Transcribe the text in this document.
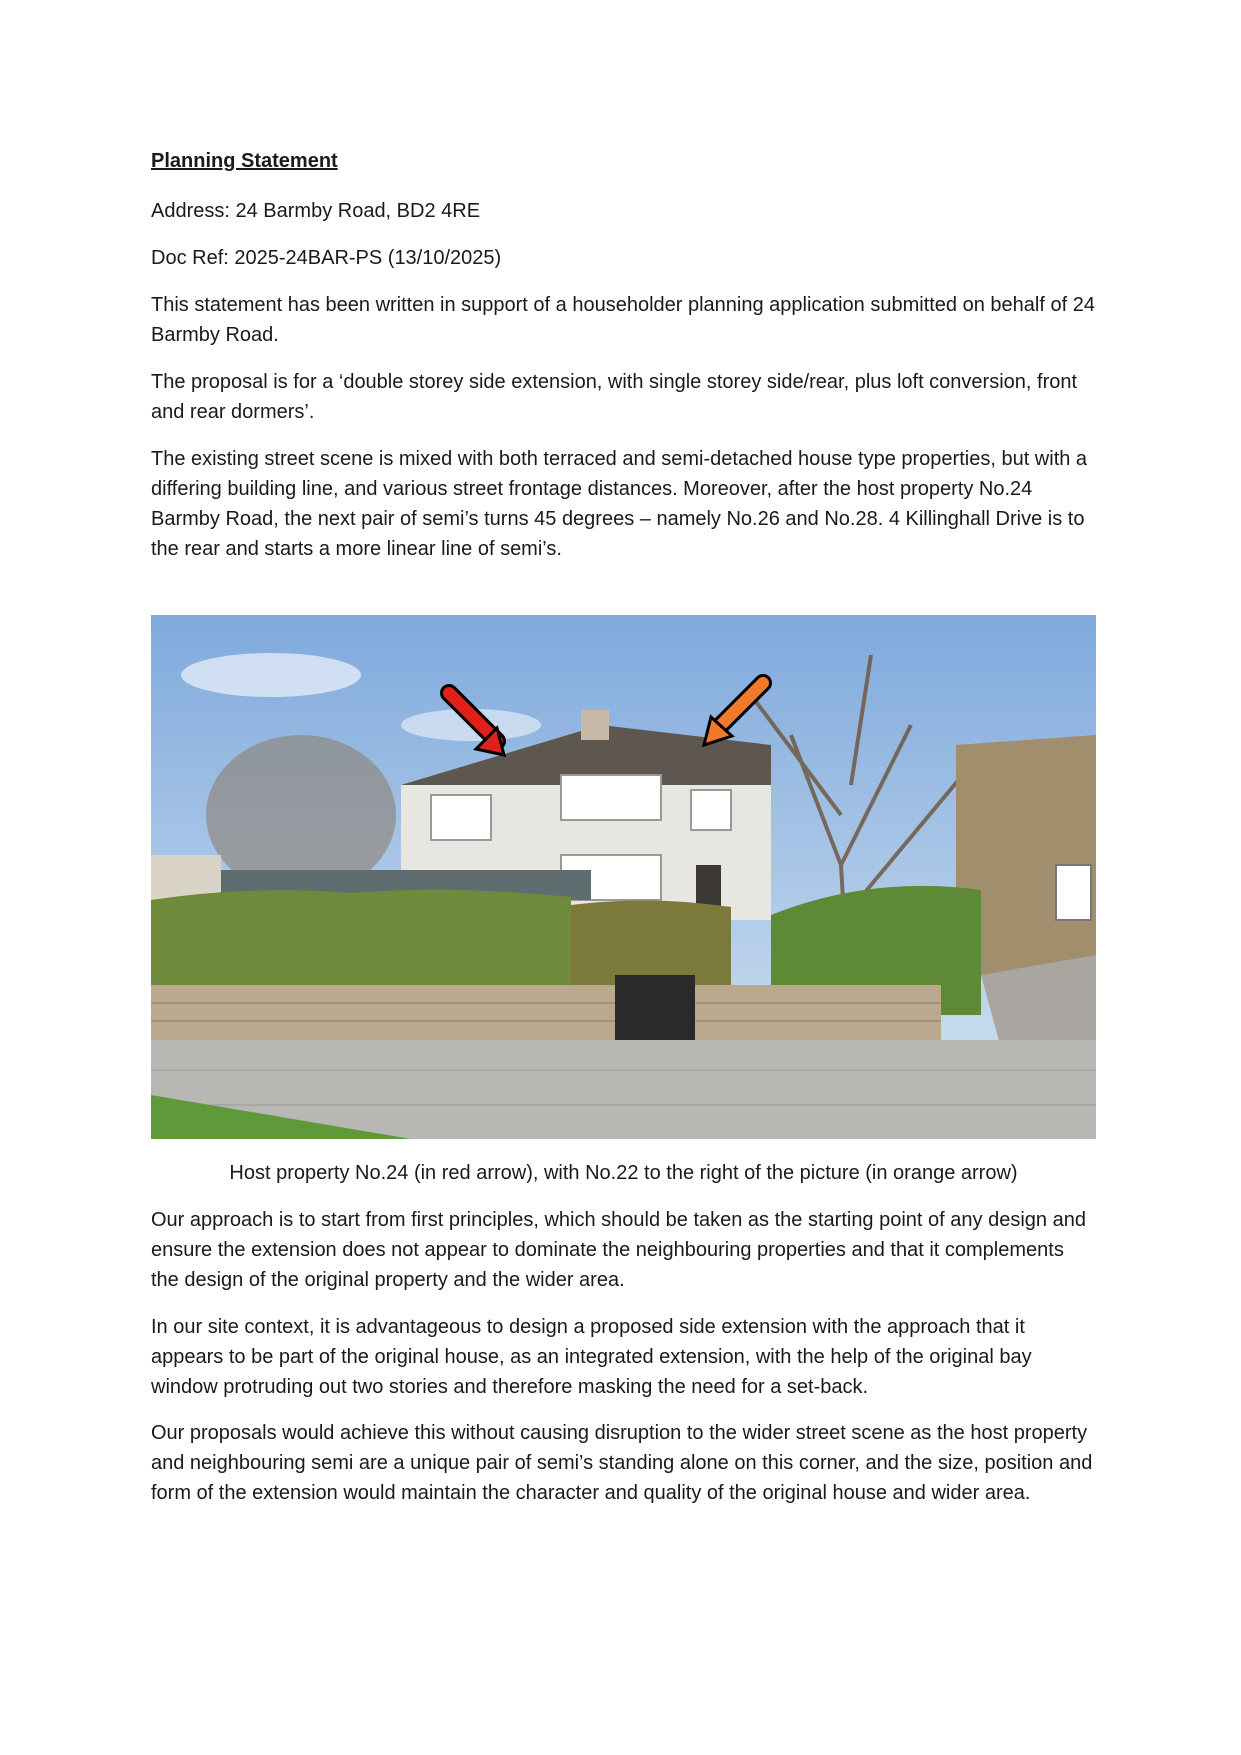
Planning Statement

Address: 24 Barmby Road, BD2 4RE

Doc Ref: 2025-24BAR-PS (13/10/2025)

This statement has been written in support of a householder planning application submitted on behalf of 24 Barmby Road.

The proposal is for a ‘double storey side extension, with single storey side/rear, plus loft conversion, front and rear dormers’.

The existing street scene is mixed with both terraced and semi-detached house type properties, but with a differing building line, and various street frontage distances. Moreover, after the host property No.24 Barmby Road, the next pair of semi’s turns 45 degrees – namely No.26 and No.28. 4 Killinghall Drive is to the rear and starts a more linear line of semi’s.

Host property No.24 (in red arrow), with No.22 to the right of the picture (in orange arrow)

Our approach is to start from first principles, which should be taken as the starting point of any design and ensure the extension does not appear to dominate the neighbouring properties and that it complements the design of the original property and the wider area.

In our site context, it is advantageous to design a proposed side extension with the approach that it appears to be part of the original house, as an integrated extension, with the help of the original bay window protruding out two stories and therefore masking the need for a set-back.

Our proposals would achieve this without causing disruption to the wider street scene as the host property and neighbouring semi are a unique pair of semi’s standing alone on this corner, and the size, position and form of the extension would maintain the character and quality of the original house and wider area.
